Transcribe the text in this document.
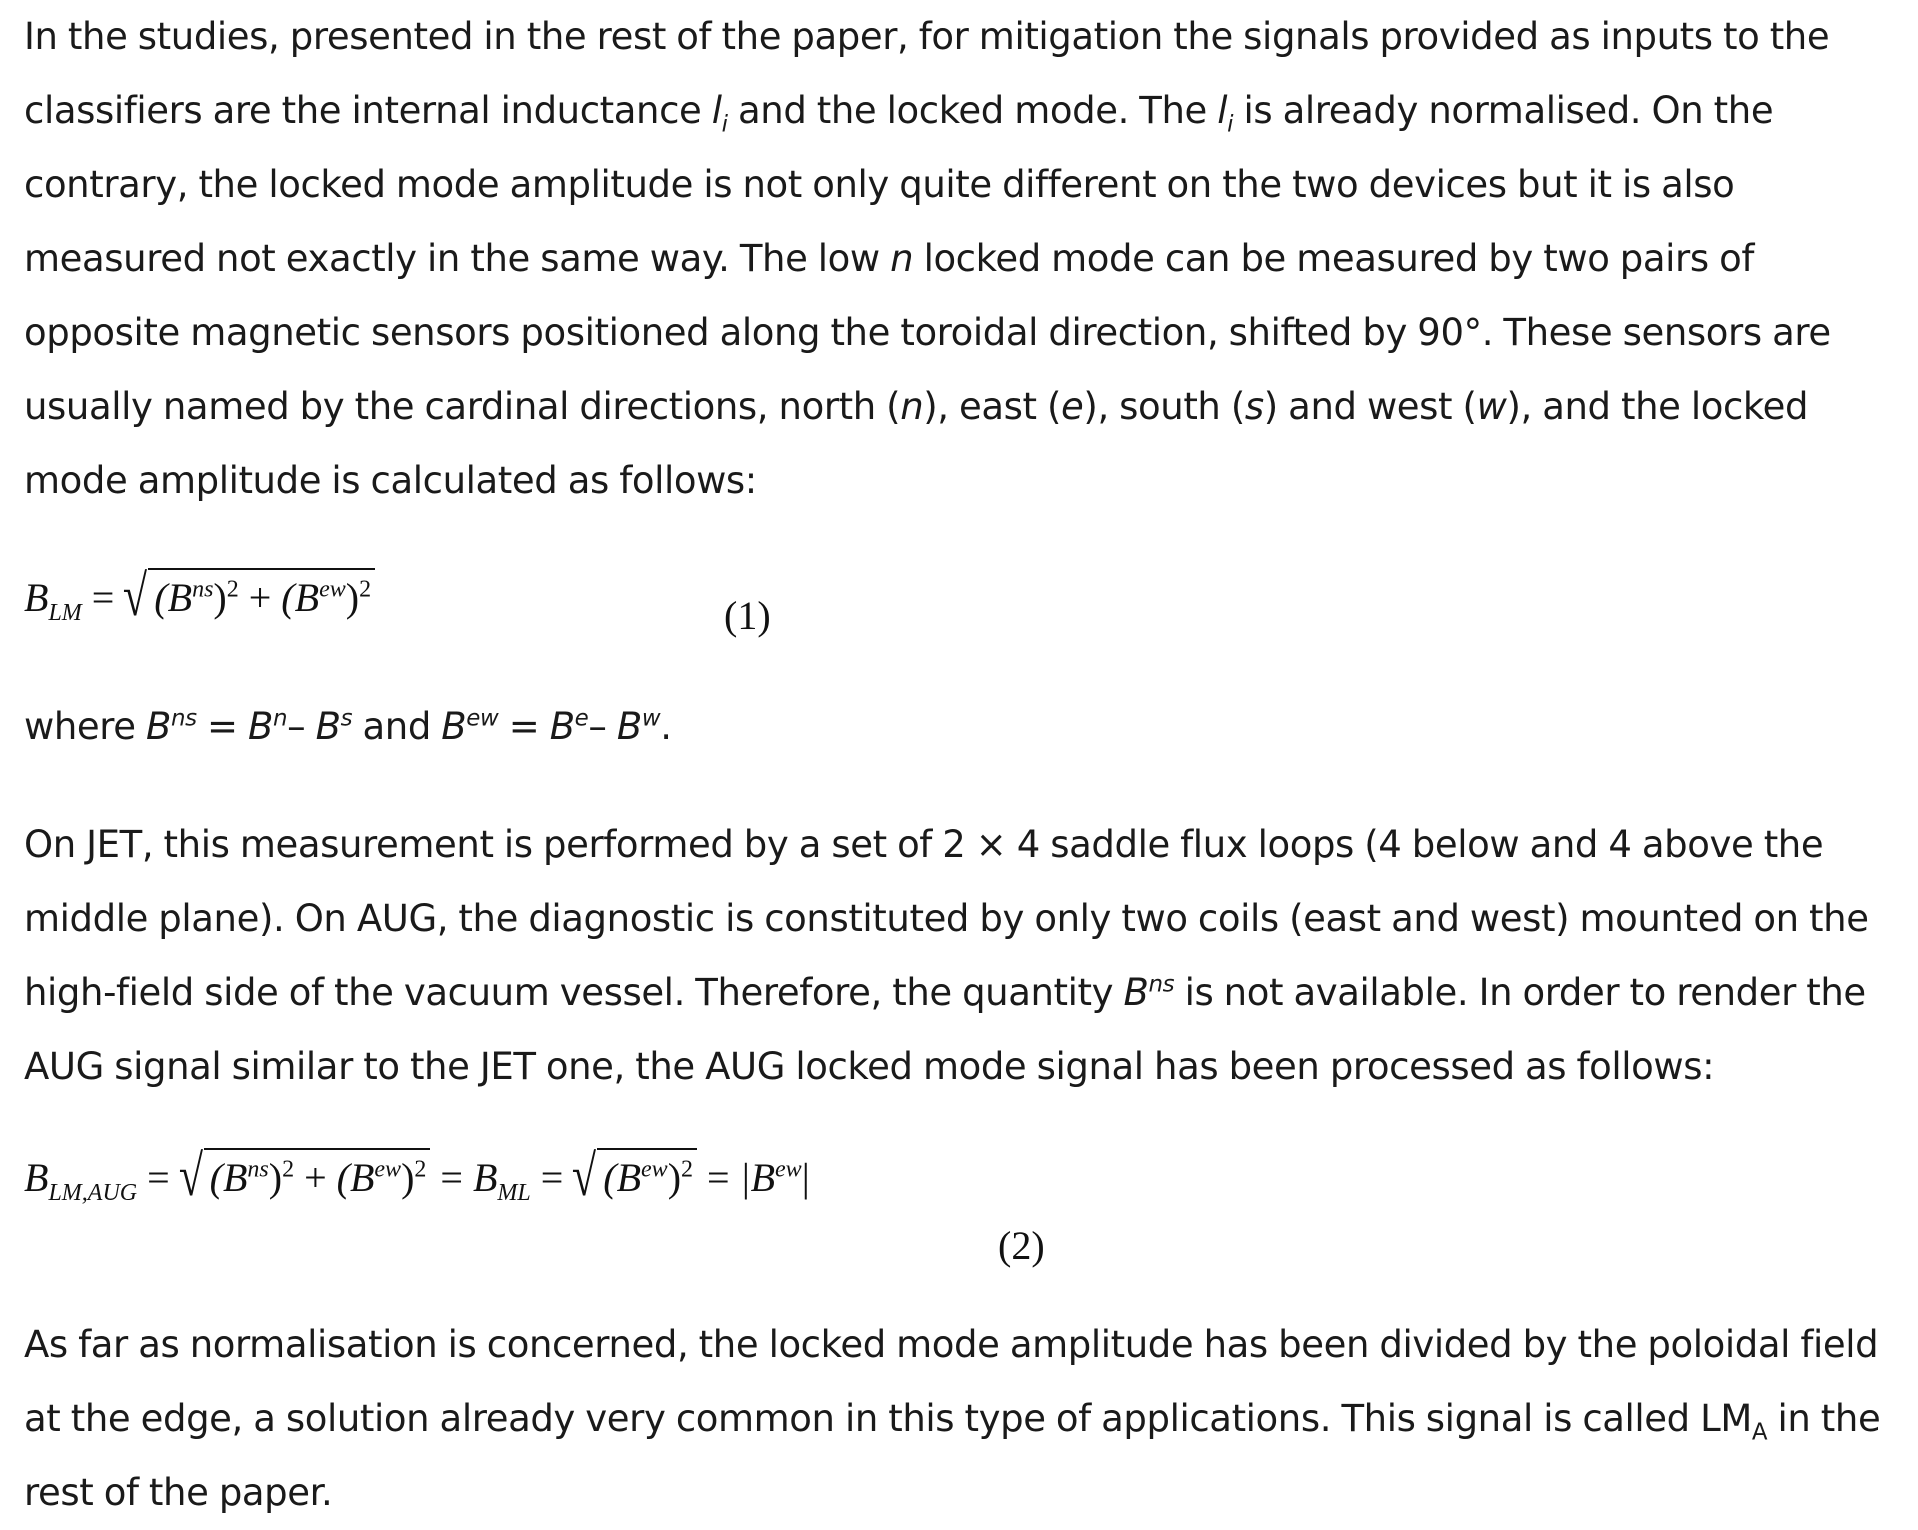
In the studies, presented in the rest of the paper, for mitigation the signals provided as inputs to the classifiers are the internal inductance $l_i$ and the locked mode. The $l_i$ is already normalised. On the contrary, the locked mode amplitude is not only quite different on the two devices but it is also measured not exactly in the same way. The low n locked mode can be measured by two pairs of opposite magnetic sensors positioned along the toroidal direction, shifted by 90°. These sensors are usually named by the cardinal directions, north (n), east (e), south (s) and west (w), and the locked mode amplitude is calculated as follows:

$B_{LM}$ = √ $(B^{ns})^2 + (B^{ew})^2$
(1)

where $B^{ns} = B^n-$ $B^s$ and $B^{ew} = B^e-$ $B^w$.

On JET, this measurement is performed by a set of 2 × 4 saddle flux loops (4 below and 4 above the middle plane). On AUG, the diagnostic is constituted by only two coils (east and west) mounted on the high-field side of the vacuum vessel. Therefore, the quantity $B^{ns}$ is not available. In order to render the AUG signal similar to the JET one, the AUG locked mode signal has been processed as follows:

$B_{LM,AUG}$ = √ $(B^{ns})^2 + (B^{ew})^2 = B_{ML}$ = √ $(B^{ew})^2 = |B^{ew}|$
(2)

As far as normalisation is concerned, the locked mode amplitude has been divided by the poloidal field at the edge, a solution already very common in this type of applications. This signal is called $LM_A$ in the rest of the paper.
